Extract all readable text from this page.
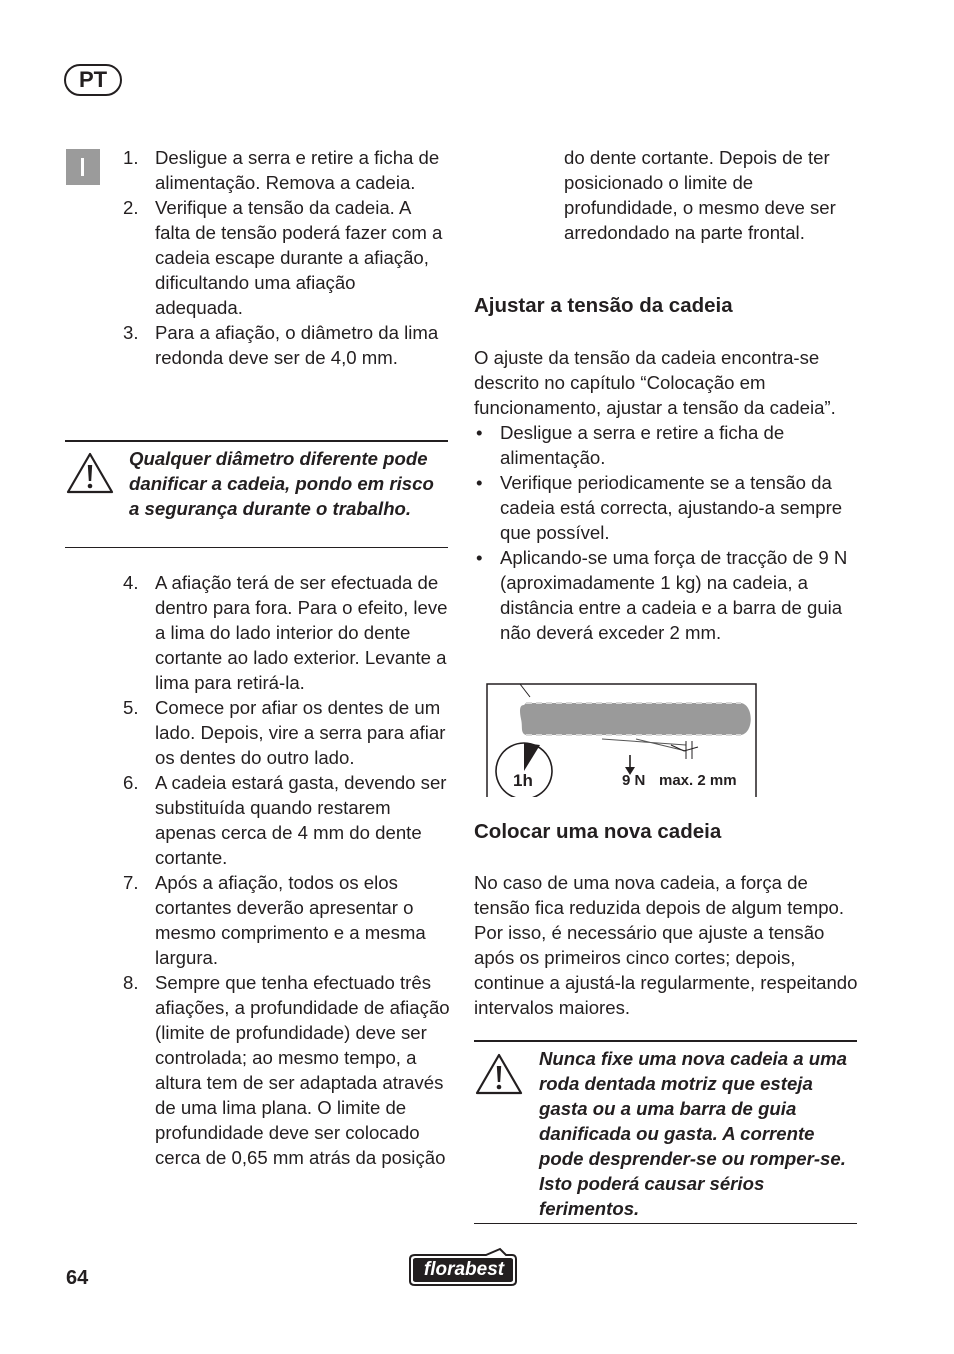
PT
1. Desligue a serra e retire a ficha de alimentação. Remova a cadeia.
2. Verifique a tensão da cadeia. A falta de tensão poderá fazer com a cadeia escape durante a afiação, dificultando uma afiação adequada.
3. Para a afiação, o diâmetro da lima redonda deve ser de 4,0 mm.
Qualquer diâmetro diferente pode danificar a cadeia, pondo em risco a segurança durante o trabalho.
4. A afiação terá de ser efectuada de dentro para fora. Para o efeito, leve a lima do lado interior do dente cortante ao lado exterior. Levante a lima para retirá-la.
5. Comece por afiar os dentes de um lado. Depois, vire a serra para afiar os dentes do outro lado.
6. A cadeia estará gasta, devendo ser substituída quando restarem apenas cerca de 4 mm do dente cortante.
7. Após a afiação, todos os elos cortantes deverão apresentar o mesmo comprimento e a mesma largura.
8. Sempre que tenha efectuado três afiações, a profundidade de afiação (limite de profundidade) deve ser controlada; ao mesmo tempo, a altura tem de ser adaptada através de uma lima plana. O limite de profundidade deve ser colocado cerca de 0,65 mm atrás da posição
do dente cortante. Depois de ter posicionado o limite de profundidade, o mesmo deve ser arredondado na parte frontal.
Ajustar a tensão da cadeia
O ajuste da tensão da cadeia encontra-se descrito no capítulo “Colocação em funcionamento, ajustar a tensão da cadeia”.
• Desligue a serra e retire a ficha de alimentação.
• Verifique periodicamente se a tensão da cadeia está correcta, ajustando-a sempre que possível.
• Aplicando-se uma força de tracção de 9 N (aproximadamente 1 kg) na cadeia, a distância entre a cadeia e a barra de guia não deverá exceder 2 mm.
1h	9 N max. 2 mm
Colocar uma nova cadeia
No caso de uma nova cadeia, a força de tensão fica reduzida depois de algum tempo. Por isso, é necessário que ajuste a tensão após os primeiros cinco cortes; depois, continue a ajustá-la regularmente, respeitando intervalos maiores.
Nunca fixe uma nova cadeia a uma roda dentada motriz que esteja gasta ou a uma barra de guia danificada ou gasta. A corrente pode desprender-se ou romper-se. Isto poderá causar sérios ferimentos.
64	florabest
